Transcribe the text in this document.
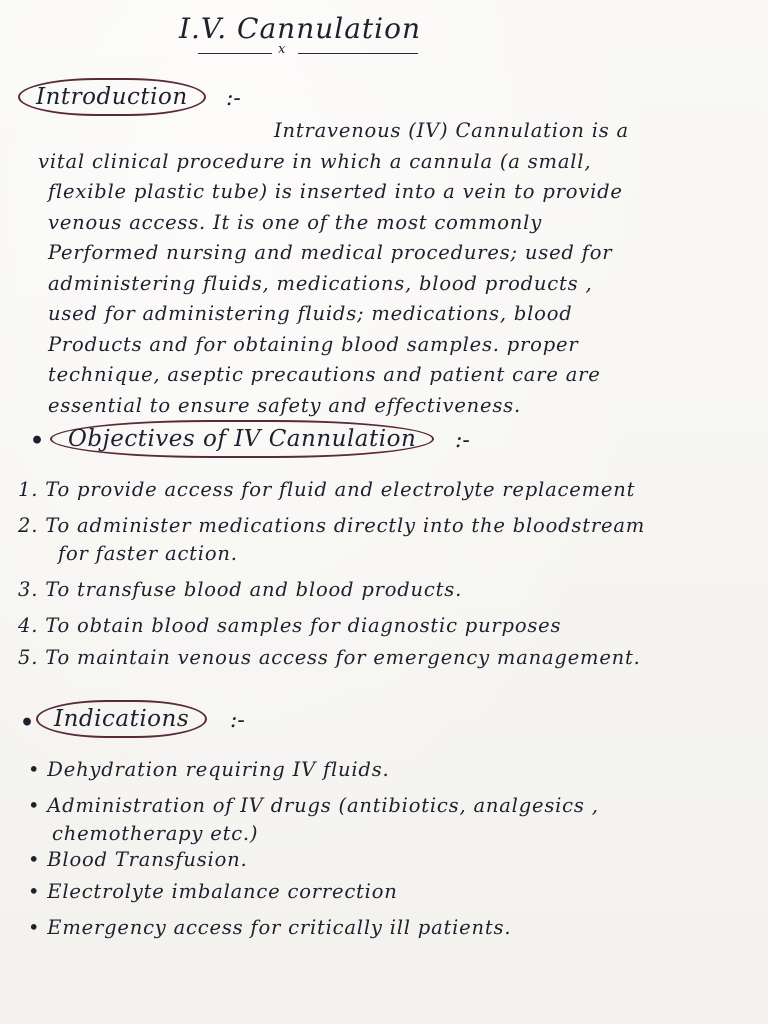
I.V. Cannulation
x
Introduction	:-
Intravenous (IV) Cannulation is a
vital clinical procedure in which a cannula (a small,
flexible plastic tube) is inserted into a vein to provide
venous access. It is one of the most commonly
Performed nursing and medical procedures; used for
administering fluids, medications, blood products ,
used for administering fluids; medications, blood
Products and for obtaining blood samples. proper
technique, aseptic precautions and patient care are
essential to ensure safety and effectiveness.
•	Objectives of IV Cannulation	:-
1. To provide access for fluid and electrolyte replacement
2. To administer medications directly into the bloodstream
for faster action.
3. To transfuse blood and blood products.
4. To obtain blood samples for diagnostic purposes
5. To maintain venous access for emergency management.
• Indications	:-
• Dehydration requiring IV fluids.
• Administration of IV drugs (antibiotics, analgesics ,
chemotherapy etc.)
• Blood Transfusion.
• Electrolyte imbalance correction
• Emergency access for critically ill patients.
